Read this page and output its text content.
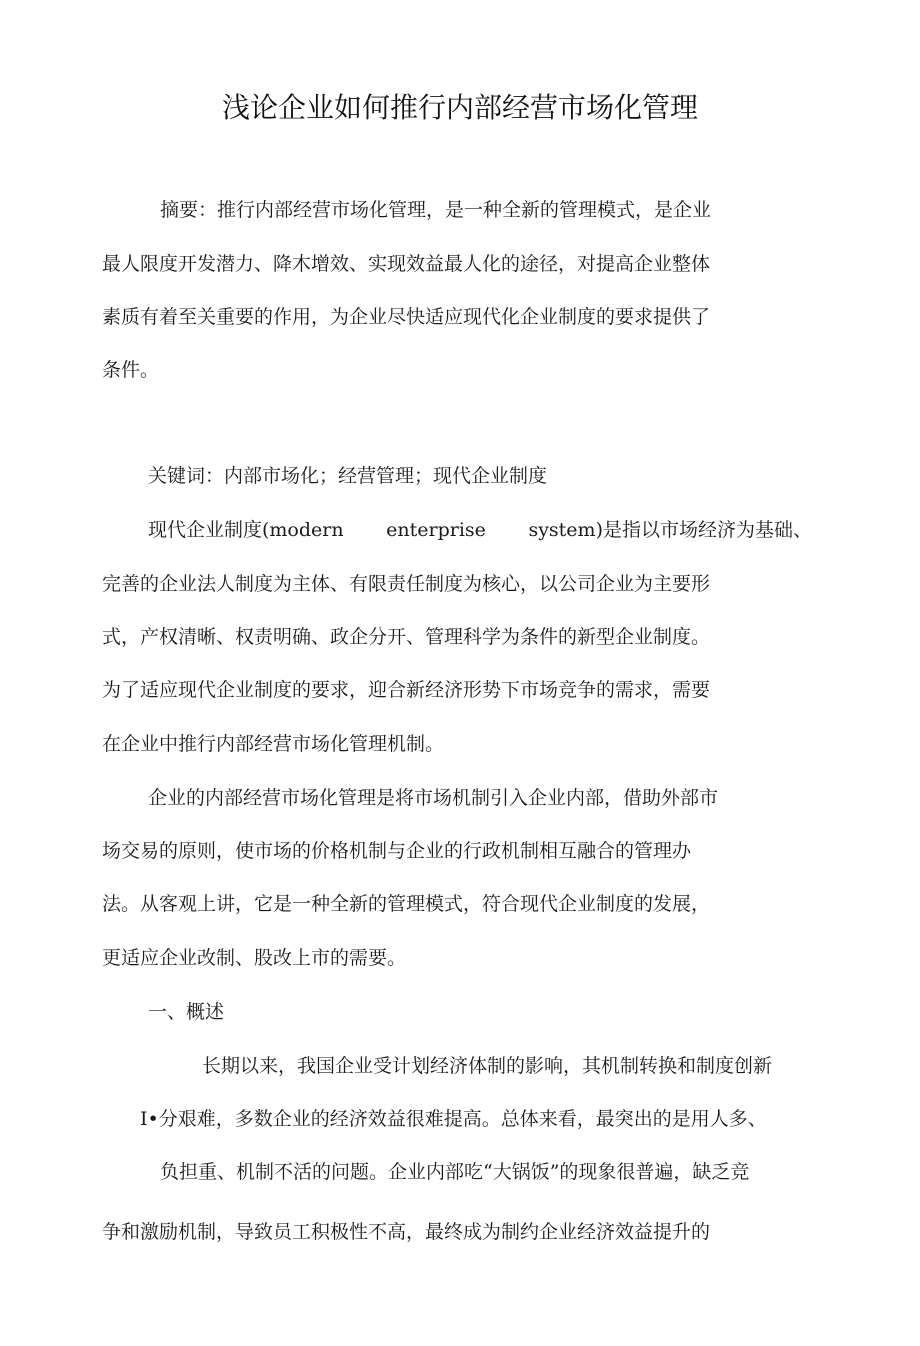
浅论企业如何推行内部经营市场化管理
摘要：推行内部经营市场化管理，是一种全新的管理模式，是企业
最人限度开发潜力、降木增效、实现效益最人化的途径，对提高企业整体
素质有着至关重要的作用，为企业尽快适应现代化企业制度的要求提供了
条件。
关键词：内部市场化；经营管理；现代企业制度
现代企业制度(modern enterprise system)是指以市场经济为基础、
完善的企业法人制度为主体、有限责任制度为核心，以公司企业为主要形
式，产权清晰、权责明确、政企分开、管理科学为条件的新型企业制度。
为了适应现代企业制度的要求，迎合新经济形势下市场竞争的需求，需要
在企业中推行内部经营市场化管理机制。
企业的内部经营市场化管理是将市场机制引入企业内部，借助外部市
场交易的原则，使市场的价格机制与企业的行政机制相互融合的管理办
法。从客观上讲，它是一种全新的管理模式，符合现代企业制度的发展，
更适应企业改制、股改上市的需要。
一、概述
长期以来，我国企业受计划经济体制的影响，其机制转换和制度创新
I•分艰难，多数企业的经济效益很难提高。总体来看，最突出的是用人多、
负担重、机制不活的问题。企业内部吃“大锅饭”的现象很普遍，缺乏竞
争和激励机制，导致员工积极性不高，最终成为制约企业经济效益提升的
